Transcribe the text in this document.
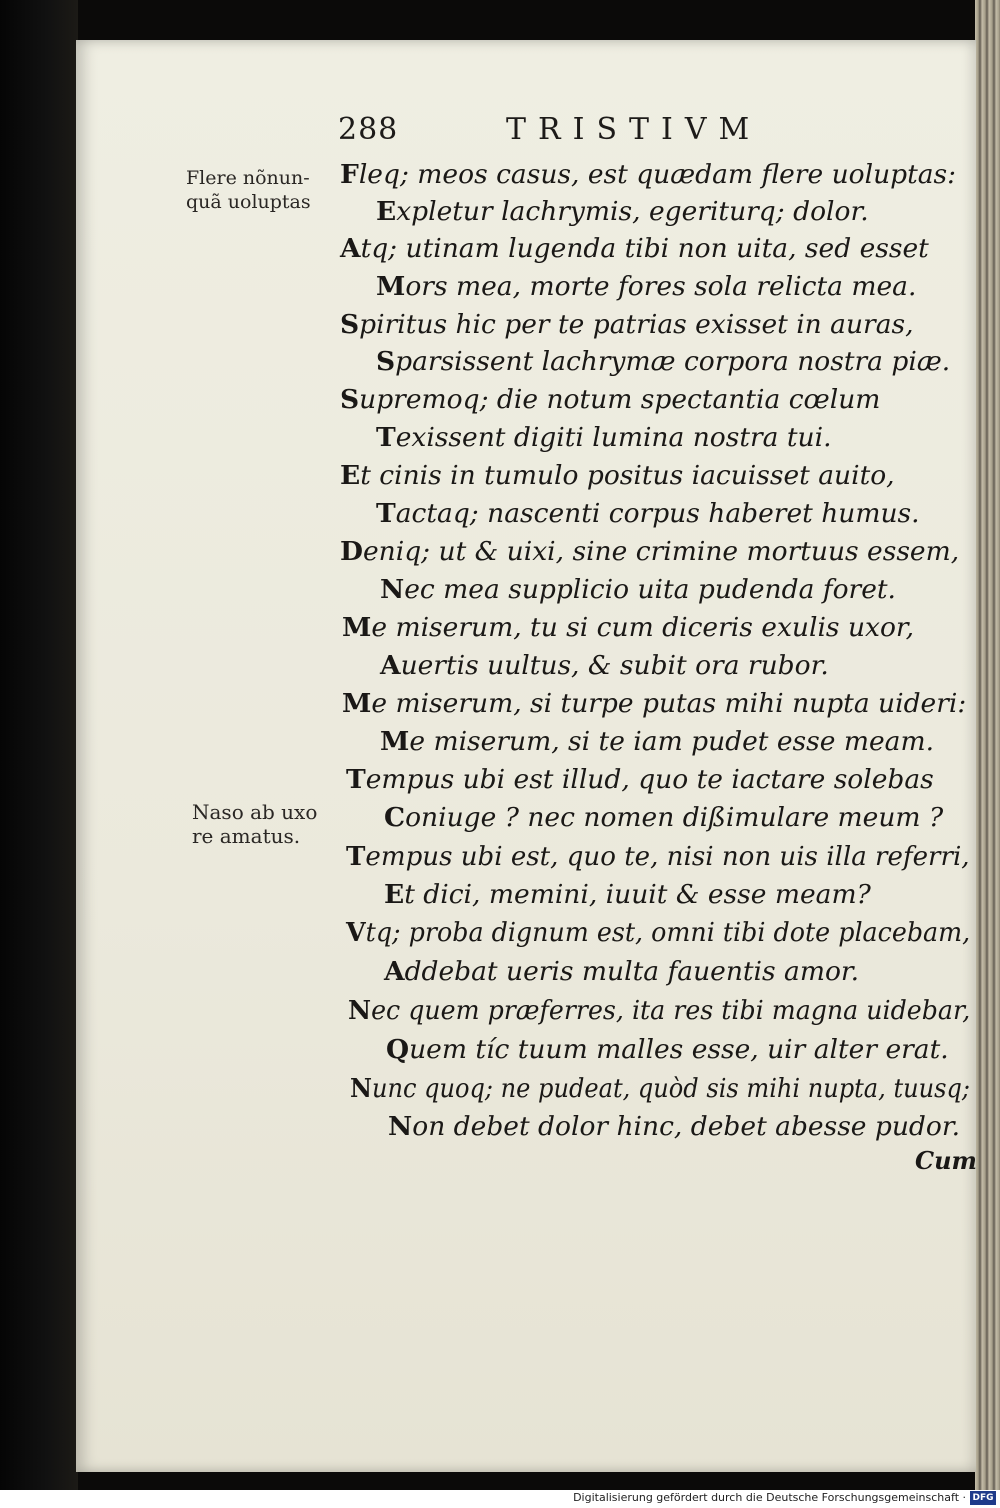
288	TRISTIVM
Flere nõnun-
quã uoluptas
Naso ab uxo
re amatus.
Fleq; meos casus, est quædam flere uoluptas:
Expletur lachrymis, egeriturq; dolor.
Atq; utinam lugenda tibi non uita, sed esset
Mors mea, morte fores sola relicta mea.
Spiritus hic per te patrias exisset in auras,
Sparsissent lachrymæ corpora nostra piæ.
Supremoq; die notum spectantia cœlum
Texissent digiti lumina nostra tui.
Et cinis in tumulo positus iacuisset auito,
Tactaq; nascenti corpus haberet humus.
Deniq; ut & uixi, sine crimine mortuus essem,
Nec mea supplicio uita pudenda foret.
Me miserum, tu si cum diceris exulis uxor,
Auertis uultus, & subit ora rubor.
Me miserum, si turpe putas mihi nupta uideri:
Me miserum, si te iam pudet esse meam.
Tempus ubi est illud, quo te iactare solebas
Coniuge ? nec nomen dißimulare meum ?
Tempus ubi est, quo te, nisi non uis illa referri,
Et dici, memini, iuuit & esse meam?
Vtq; proba dignum est, omni tibi dote placebam,
Addebat ueris multa fauentis amor.
Nec quem præferres, ita res tibi magna uidebar,
Quem tíc tuum malles esse, uir alter erat.
Nunc quoq; ne pudeat, quòd sis mihi nupta, tuusq;
Non debet dolor hinc, debet abesse pudor.
Cum
Digitalisierung gefördert durch die Deutsche Forschungsgemeinschaft · DFG
